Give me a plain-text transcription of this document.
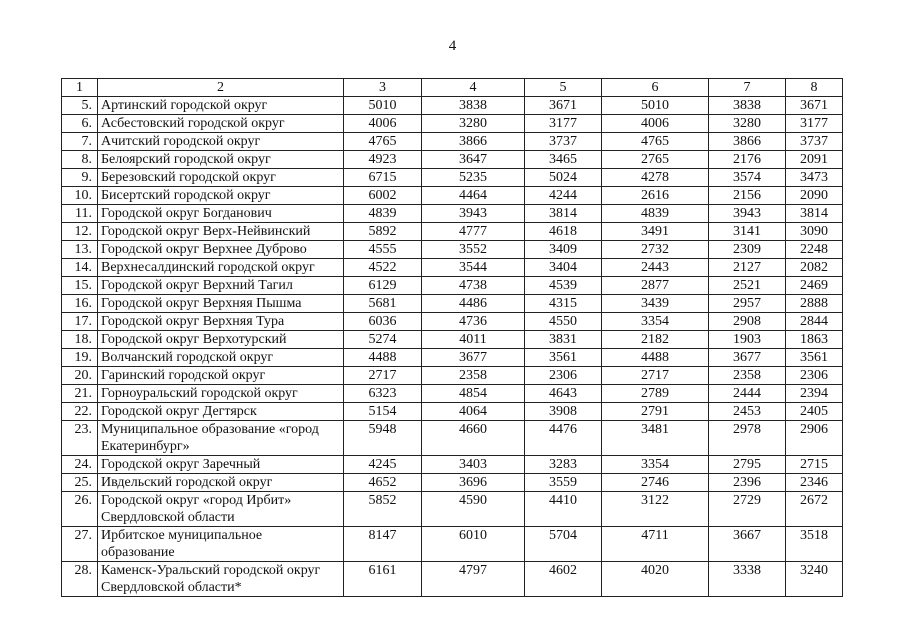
4
1	2	3	4	5	6	7	8
5.	Артинский городской округ	5010	3838	3671	5010	3838	3671
6.	Асбестовский городской округ	4006	3280	3177	4006	3280	3177
7.	Ачитский городской округ	4765	3866	3737	4765	3866	3737
8.	Белоярский городской округ	4923	3647	3465	2765	2176	2091
9.	Березовский городской округ	6715	5235	5024	4278	3574	3473
10.	Бисертский городской округ	6002	4464	4244	2616	2156	2090
11.	Городской округ Богданович	4839	3943	3814	4839	3943	3814
12.	Городской округ Верх-Нейвинский	5892	4777	4618	3491	3141	3090
13.	Городской округ Верхнее Дуброво	4555	3552	3409	2732	2309	2248
14.	Верхнесалдинский городской округ	4522	3544	3404	2443	2127	2082
15.	Городской округ Верхний Тагил	6129	4738	4539	2877	2521	2469
16.	Городской округ Верхняя Пышма	5681	4486	4315	3439	2957	2888
17.	Городской округ Верхняя Тура	6036	4736	4550	3354	2908	2844
18.	Городской округ Верхотурский	5274	4011	3831	2182	1903	1863
19.	Волчанский городской округ	4488	3677	3561	4488	3677	3561
20.	Гаринский городской округ	2717	2358	2306	2717	2358	2306
21.	Горноуральский городской округ	6323	4854	4643	2789	2444	2394
22.	Городской округ Дегтярск	5154	4064	3908	2791	2453	2405
23.	Муниципальное образование «город Екатеринбург»	5948	4660	4476	3481	2978	2906
24.	Городской округ Заречный	4245	3403	3283	3354	2795	2715
25.	Ивдельский городской округ	4652	3696	3559	2746	2396	2346
26.	Городской округ «город Ирбит» Свердловской области	5852	4590	4410	3122	2729	2672
27.	Ирбитское муниципальное образование	8147	6010	5704	4711	3667	3518
28.	Каменск-Уральский городской округ Свердловской области*	6161	4797	4602	4020	3338	3240
